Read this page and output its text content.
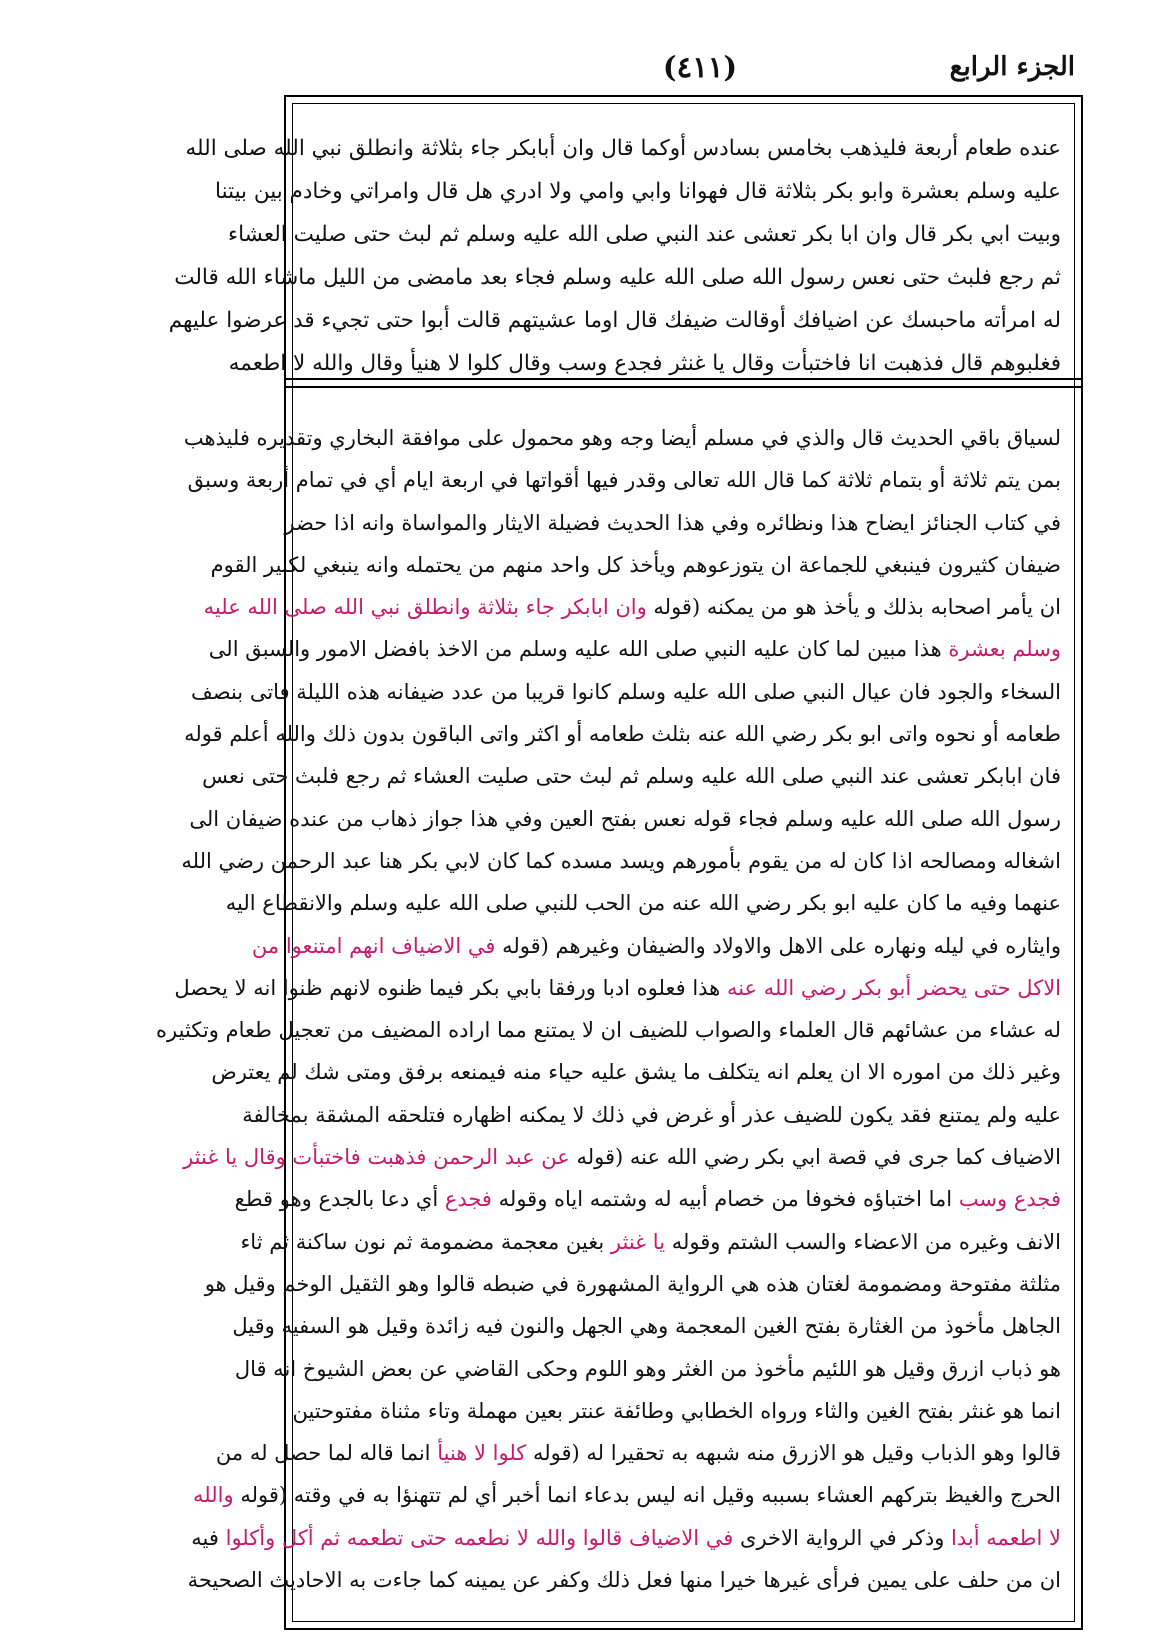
(٤١١)	الجزء الرابع
عنده طعام أربعة فليذهب بخامس بسادس أوكما قال وان أبابكر جاء بثلاثة وانطلق نبي الله صلى الله
عليه وسلم بعشرة وابو بكر بثلاثة قال فهوانا وابي وامي ولا ادري هل قال وامراتي وخادم بين بيتنا
وبيت ابي بكر قال وان ابا بكر تعشى عند النبي صلى الله عليه وسلم ثم لبث حتى صليت العشاء
ثم رجع فلبث حتى نعس رسول الله صلى الله عليه وسلم فجاء بعد مامضى من الليل ماشاء الله قالت
له امرأته ماحبسك عن اضيافك أوقالت ضيفك قال اوما عشيتهم قالت أبوا حتى تجيء قد عرضوا عليهم
فغلبوهم قال فذهبت انا فاختبأت وقال يا غنثر فجدع وسب وقال كلوا لا هنيأ وقال والله لا اطعمه
لسياق باقي الحديث قال والذي في مسلم أيضا وجه وهو محمول على موافقة البخاري وتقديره فليذهب
بمن يتم ثلاثة أو بتمام ثلاثة كما قال الله تعالى وقدر فيها أقواتها في اربعة ايام أي في تمام أربعة وسبق
في كتاب الجنائز ايضاح هذا ونظائره وفي هذا الحديث فضيلة الايثار والمواساة وانه اذا حضر
ضيفان كثيرون فينبغي للجماعة ان يتوزعوهم ويأخذ كل واحد منهم من يحتمله وانه ينبغي لكبير القوم
ان يأمر اصحابه بذلك و يأخذ هو من يمكنه (قوله وان ابابكر جاء بثلاثة وانطلق نبي الله صلى الله عليه
وسلم بعشرة هذا مبين لما كان عليه النبي صلى الله عليه وسلم من الاخذ بافضل الامور والسبق الى
السخاء والجود فان عيال النبي صلى الله عليه وسلم كانوا قريبا من عدد ضيفانه هذه الليلة فاتى بنصف
طعامه أو نحوه واتى ابو بكر رضي الله عنه بثلث طعامه أو اكثر واتى الباقون بدون ذلك والله أعلم قوله
فان ابابكر تعشى عند النبي صلى الله عليه وسلم ثم لبث حتى صليت العشاء ثم رجع فلبث حتى نعس
رسول الله صلى الله عليه وسلم فجاء قوله نعس بفتح العين وفي هذا جواز ذهاب من عنده ضيفان الى
اشغاله ومصالحه اذا كان له من يقوم بأمورهم ويسد مسده كما كان لابي بكر هنا عبد الرحمن رضي الله
عنهما وفيه ما كان عليه ابو بكر رضي الله عنه من الحب للنبي صلى الله عليه وسلم والانقطاع اليه
وايثاره في ليله ونهاره على الاهل والاولاد والضيفان وغيرهم (قوله في الاضياف انهم امتنعوا من
الاكل حتى يحضر أبو بكر رضي الله عنه هذا فعلوه ادبا ورفقا بابي بكر فيما ظنوه لانهم ظنوا انه لا يحصل
له عشاء من عشائهم قال العلماء والصواب للضيف ان لا يمتنع مما اراده المضيف من تعجيل طعام وتكثيره
وغير ذلك من اموره الا ان يعلم انه يتكلف ما يشق عليه حياء منه فيمنعه برفق ومتى شك لم يعترض
عليه ولم يمتنع فقد يكون للضيف عذر أو غرض في ذلك لا يمكنه اظهاره فتلحقه المشقة بمخالفة
الاضياف كما جرى في قصة ابي بكر رضي الله عنه (قوله عن عبد الرحمن فذهبت فاختبأت وقال يا غنثر
فجدع وسب اما اختباؤه فخوفا من خصام أبيه له وشتمه اياه وقوله فجدع أي دعا بالجدع وهو قطع
الانف وغيره من الاعضاء والسب الشتم وقوله يا غنثر بغين معجمة مضمومة ثم نون ساكنة ثم ثاء
مثلثة مفتوحة ومضمومة لغتان هذه هي الرواية المشهورة في ضبطه قالوا وهو الثقيل الوخم وقيل هو
الجاهل مأخوذ من الغثارة بفتح الغين المعجمة وهي الجهل والنون فيه زائدة وقيل هو السفيه وقيل
هو ذباب ازرق وقيل هو اللئيم مأخوذ من الغثر وهو اللوم وحكى القاضي عن بعض الشيوخ انه قال
انما هو غنثر بفتح الغين والثاء ورواه الخطابي وطائفة عنتر بعين مهملة وتاء مثناة مفتوحتين
قالوا وهو الذباب وقيل هو الازرق منه شبهه به تحقيرا له (قوله كلوا لا هنيأ انما قاله لما حصل له من
الحرج والغيظ بتركهم العشاء بسببه وقيل انه ليس بدعاء انما أخبر أي لم تتهنؤا به في وقته (قوله والله
لا اطعمه أبدا وذكر في الرواية الاخرى في الاضياف قالوا والله لا نطعمه حتى تطعمه ثم أكل وأكلوا فيه
ان من حلف على يمين فرأى غيرها خيرا منها فعل ذلك وكفر عن يمينه كما جاءت به الاحاديث الصحيحة
